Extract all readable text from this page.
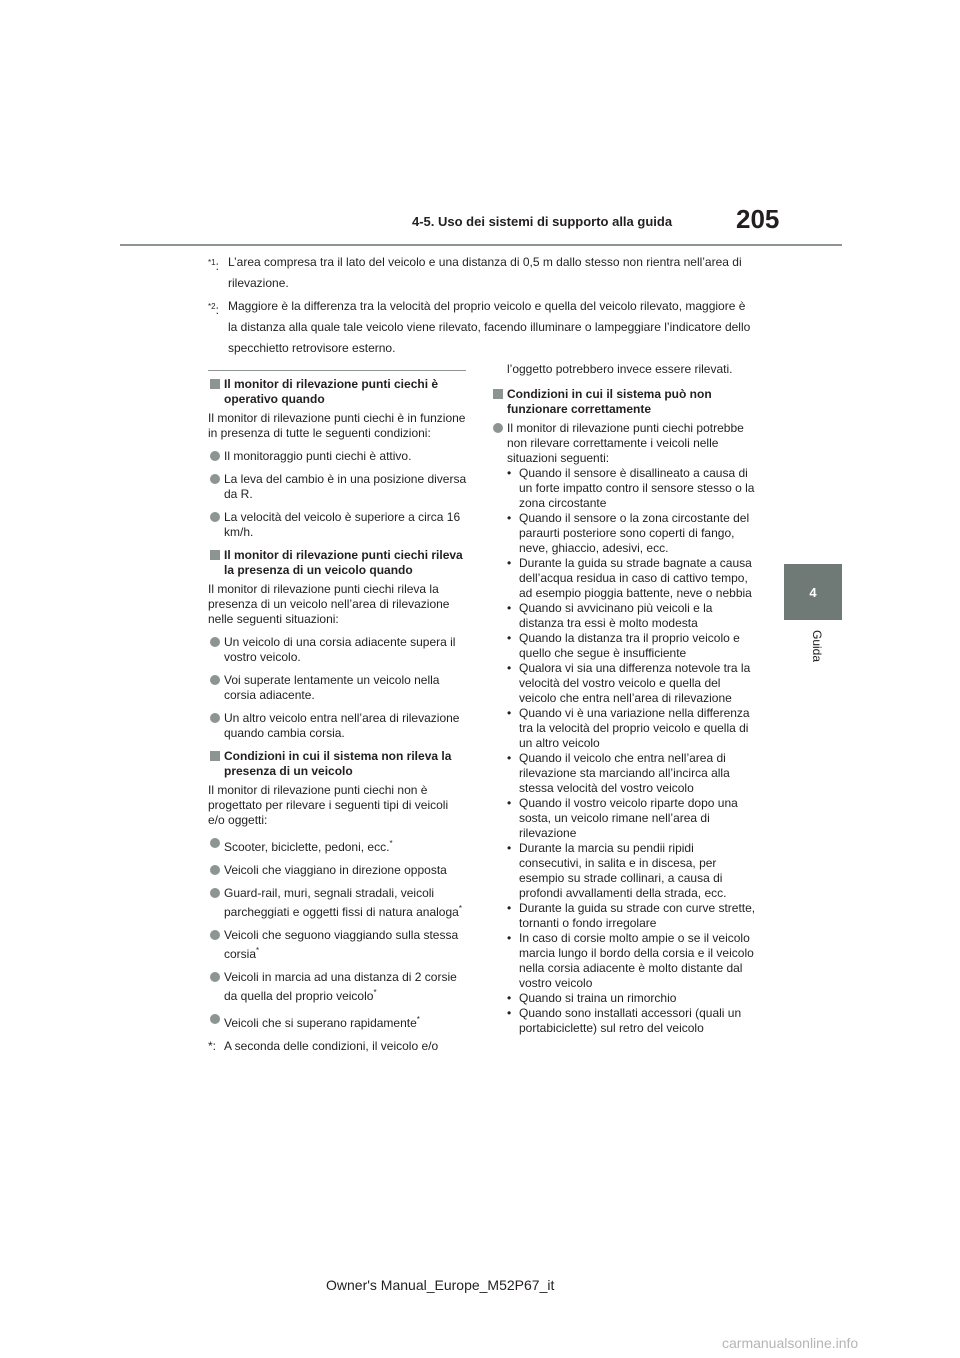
4-5. Uso dei sistemi di supporto alla guida	205
4
Guida
$^{*1}$: L’area compresa tra il lato del veicolo e una distanza di 0,5 m dallo stesso non rientra nell’area di rilevazione.
$^{*2}$: Maggiore è la differenza tra la velocità del proprio veicolo e quella del veicolo rilevato, maggiore è la distanza alla quale tale veicolo viene rilevato, facendo illuminare o lampeggiare l’indicatore dello specchietto retrovisore esterno.
Il monitor di rilevazione punti ciechi è operativo quando

Il monitor di rilevazione punti ciechi è in funzione in presenza di tutte le seguenti condizioni:

Il monitoraggio punti ciechi è attivo.
La leva del cambio è in una posizione diversa da R.
La velocità del veicolo è superiore a circa 16 km/h.
Il monitor di rilevazione punti ciechi rileva la presenza di un veicolo quando

Il monitor di rilevazione punti ciechi rileva la presenza di un veicolo nell’area di rilevazione nelle seguenti situazioni:

Un veicolo di una corsia adiacente supera il vostro veicolo.
Voi superate lentamente un veicolo nella corsia adiacente.
Un altro veicolo entra nell’area di rilevazione quando cambia corsia.
Condizioni in cui il sistema non rileva la presenza di un veicolo

Il monitor di rilevazione punti ciechi non è progettato per rilevare i seguenti tipi di veicoli e/o oggetti:

Scooter, biciclette, pedoni, ecc.*
Veicoli che viaggiano in direzione opposta
Guard-rail, muri, segnali stradali, veicoli parcheggiati e oggetti fissi di natura analoga*
Veicoli che seguono viaggiando sulla stessa corsia*
Veicoli in marcia ad una distanza di 2 corsie da quella del proprio veicolo*
Veicoli che si superano rapidamente*
*: A seconda delle condizioni, il veicolo e/o

l’oggetto potrebbero invece essere rilevati.

Condizioni in cui il sistema può non funzionare correttamente
Il monitor di rilevazione punti ciechi potrebbe non rilevare correttamente i veicoli nelle situazioni seguenti:
• Quando il sensore è disallineato a causa di un forte impatto contro il sensore stesso o la zona circostante
• Quando il sensore o la zona circostante del paraurti posteriore sono coperti di fango, neve, ghiaccio, adesivi, ecc.
• Durante la guida su strade bagnate a causa dell’acqua residua in caso di cattivo tempo, ad esempio pioggia battente, neve o nebbia
• Quando si avvicinano più veicoli e la distanza tra essi è molto modesta
• Quando la distanza tra il proprio veicolo e quello che segue è insufficiente
• Qualora vi sia una differenza notevole tra la velocità del vostro veicolo e quella del veicolo che entra nell’area di rilevazione
• Quando vi è una variazione nella differenza tra la velocità del proprio veicolo e quella di un altro veicolo
• Quando il veicolo che entra nell’area di rilevazione sta marciando all’incirca alla stessa velocità del vostro veicolo
• Quando il vostro veicolo riparte dopo una sosta, un veicolo rimane nell’area di rilevazione
• Durante la marcia su pendii ripidi consecutivi, in salita e in discesa, per esempio su strade collinari, a causa di profondi avvallamenti della strada, ecc.
• Durante la guida su strade con curve strette, tornanti o fondo irregolare
• In caso di corsie molto ampie o se il veicolo marcia lungo il bordo della corsia e il veicolo nella corsia adiacente è molto distante dal vostro veicolo
• Quando si traina un rimorchio
• Quando sono installati accessori (quali un portabiciclette) sul retro del veicolo
Owner's Manual_Europe_M52P67_it
carmanualsonline.info
